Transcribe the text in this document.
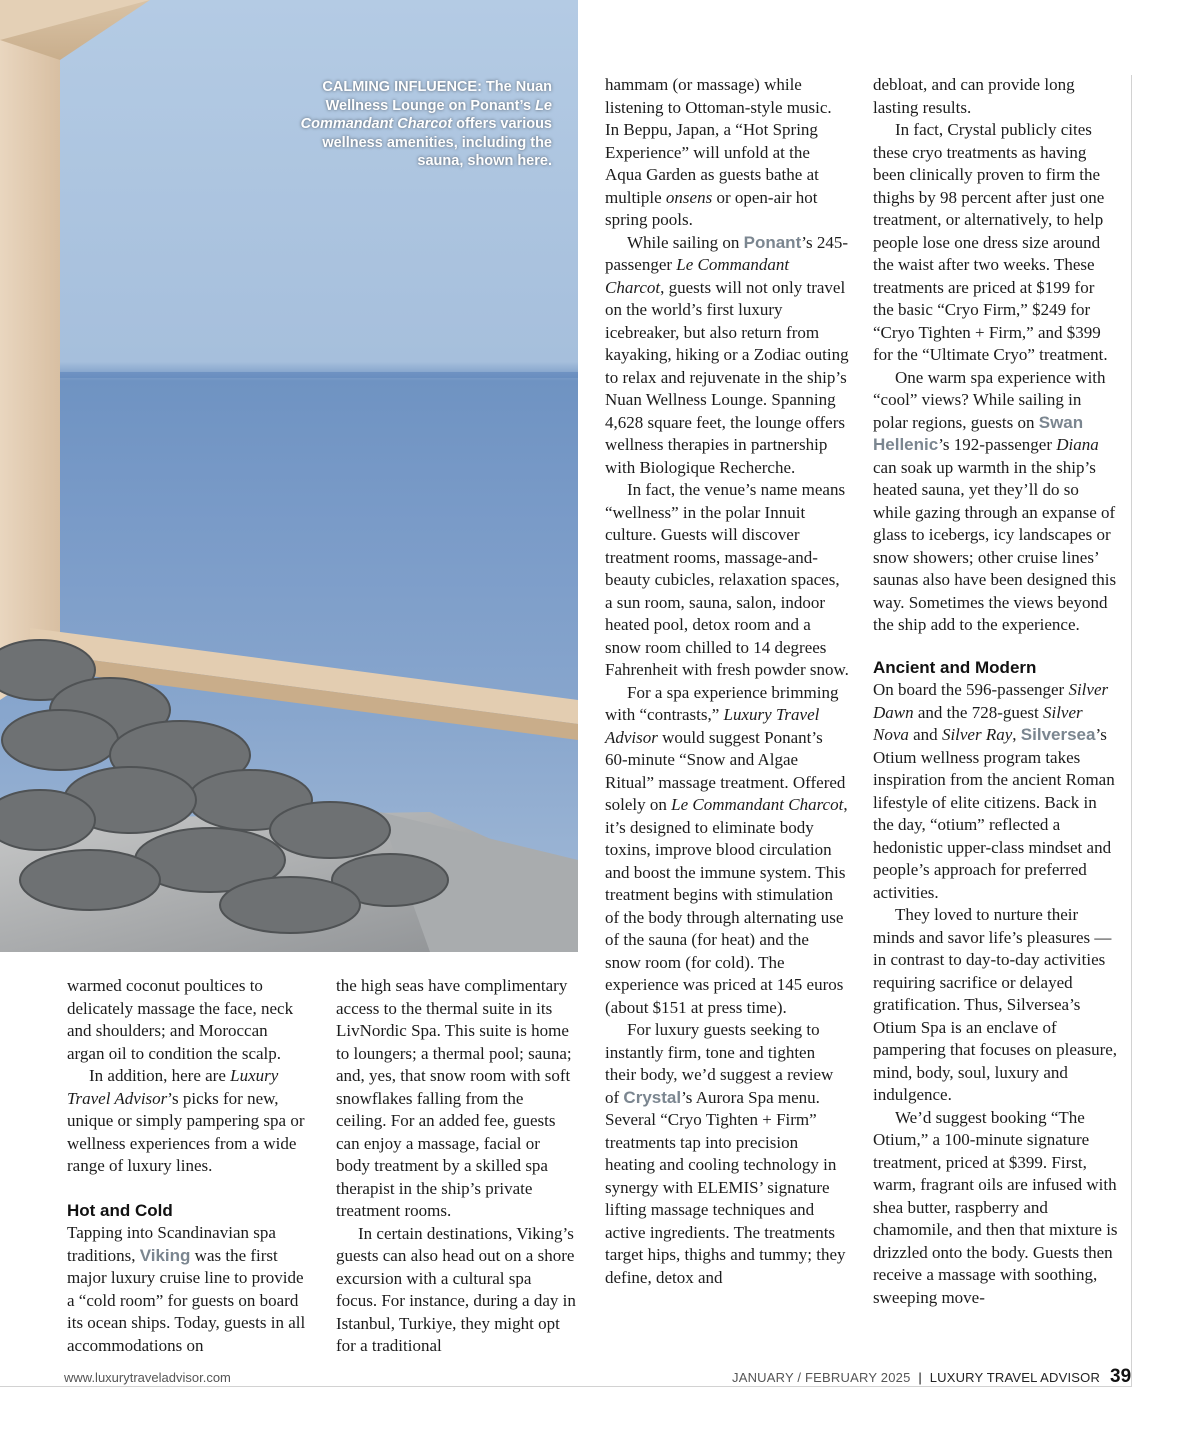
CALMING INFLUENCE: The Nuan Wellness Lounge on Ponant’s Le Commandant Charcot offers various wellness amenities, including the sauna, shown here.

warmed coconut poultices to delicately massage the face, neck and shoulders; and Moroccan argan oil to condition the scalp.

In addition, here are Luxury Travel Advisor’s picks for new, unique or simply pampering spa or wellness experiences from a wide range of luxury lines.

Hot and Cold

Tapping into Scandinavian spa traditions, Viking was the first major luxury cruise line to provide a “cold room” for guests on board its ocean ships. Today, guests in all accommodations on

the high seas have complimentary access to the thermal suite in its LivNordic Spa. This suite is home to loungers; a thermal pool; sauna; and, yes, that snow room with soft snowflakes falling from the ceiling. For an added fee, guests can enjoy a massage, facial or body treatment by a skilled spa therapist in the ship’s private treatment rooms.

In certain destinations, Viking’s guests can also head out on a shore excursion with a cultural spa focus. For instance, during a day in Istanbul, Turkiye, they might opt for a traditional

hammam (or massage) while listening to Ottoman-style music. In Beppu, Japan, a “Hot Spring Experience” will unfold at the Aqua Garden as guests bathe at multiple onsens or open-air hot spring pools.

While sailing on Ponant’s 245-passenger Le Commandant Charcot, guests will not only travel on the world’s first luxury icebreaker, but also return from kayaking, hiking or a Zodiac outing to relax and rejuvenate in the ship’s Nuan Wellness Lounge. Spanning 4,628 square feet, the lounge offers wellness therapies in partnership with Biologique Recherche.

In fact, the venue’s name means “wellness” in the polar Innuit culture. Guests will discover treatment rooms, massage-and-beauty cubicles, relaxation spaces, a sun room, sauna, salon, indoor heated pool, detox room and a snow room chilled to 14 degrees Fahrenheit with fresh powder snow.

For a spa experience brimming with “contrasts,” Luxury Travel Advisor would suggest Ponant’s 60-minute “Snow and Algae Ritual” massage treatment. Offered solely on Le Commandant Charcot, it’s designed to eliminate body toxins, improve blood circulation and boost the immune system. This treatment begins with stimulation of the body through alternating use of the sauna (for heat) and the snow room (for cold). The experience was priced at 145 euros (about $151 at press time).

For luxury guests seeking to instantly firm, tone and tighten their body, we’d suggest a review of Crystal’s Aurora Spa menu. Several “Cryo Tighten + Firm” treatments tap into precision heating and cooling technology in synergy with ELEMIS’ signature lifting massage techniques and active ingredients. The treatments target hips, thighs and tummy; they define, detox and

debloat, and can provide long lasting results.

In fact, Crystal publicly cites these cryo treatments as having been clinically proven to firm the thighs by 98 percent after just one treatment, or alternatively, to help people lose one dress size around the waist after two weeks. These treatments are priced at $199 for the basic “Cryo Firm,” $249 for “Cryo Tighten + Firm,” and $399 for the “Ultimate Cryo” treatment.

One warm spa experience with “cool” views? While sailing in polar regions, guests on Swan Hellenic’s 192-passenger Diana can soak up warmth in the ship’s heated sauna, yet they’ll do so while gazing through an expanse of glass to icebergs, icy landscapes or snow showers; other cruise lines’ saunas also have been designed this way. Sometimes the views beyond the ship add to the experience.

Ancient and Modern

On board the 596-passenger Silver Dawn and the 728-guest Silver Nova and Silver Ray, Silversea’s Otium wellness program takes inspiration from the ancient Roman lifestyle of elite citizens. Back in the day, “otium” reflected a hedonistic upper-class mindset and people’s approach for preferred activities.

They loved to nurture their minds and savor life’s pleasures — in contrast to day-to-day activities requiring sacrifice or delayed gratification. Thus, Silversea’s Otium Spa is an enclave of pampering that focuses on pleasure, mind, body, soul, luxury and indulgence.

We’d suggest booking “The Otium,” a 100-minute signature treatment, priced at $399. First, warm, fragrant oils are infused with shea butter, raspberry and chamomile, and then that mixture is drizzled onto the body. Guests then receive a massage with soothing, sweeping move-

www.luxurytraveladvisor.com	JANUARY / FEBRUARY 2025 | LUXURY TRAVEL ADVISOR 39
